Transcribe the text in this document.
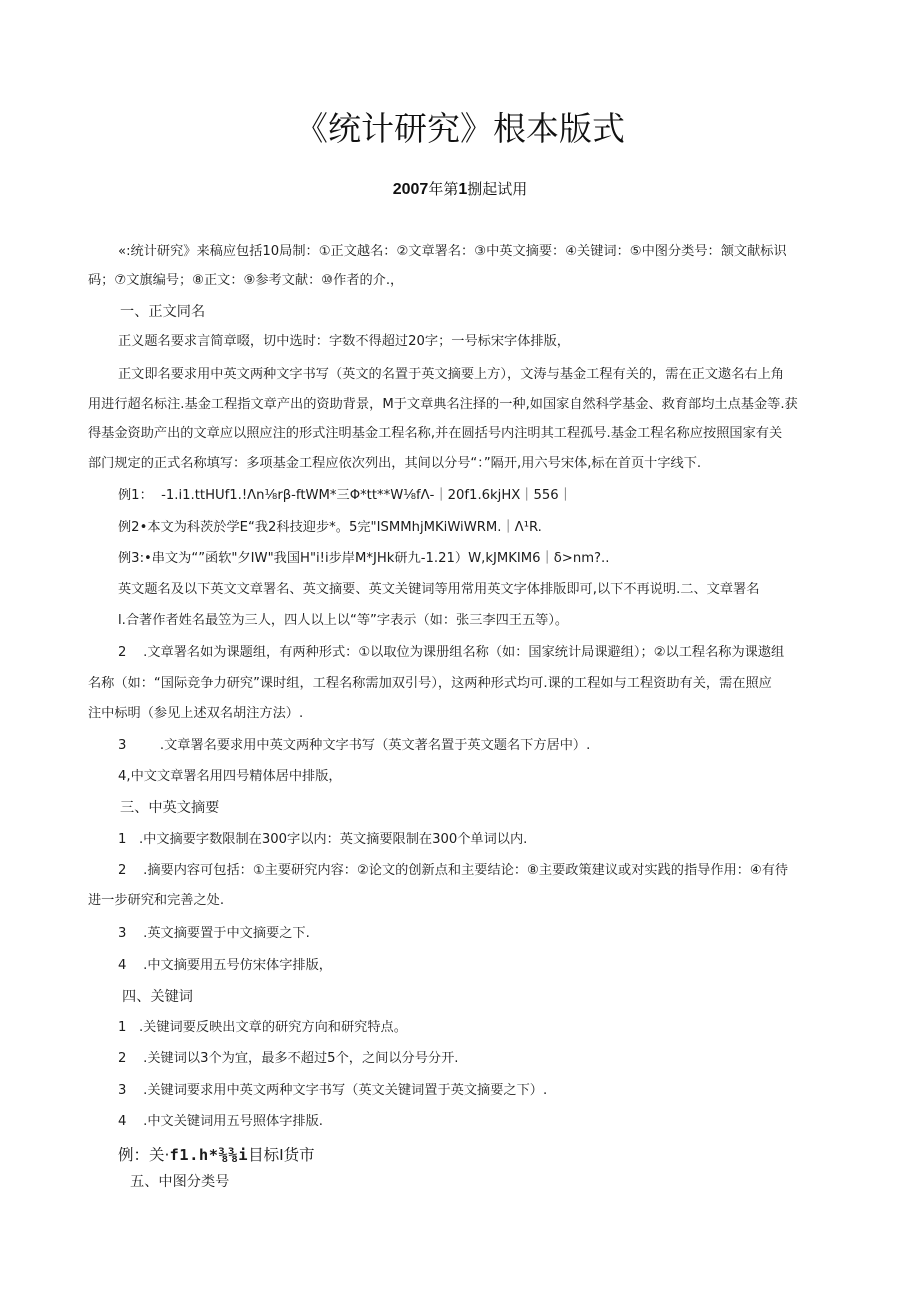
《统计研究》根本版式
2007年第1捌起试用
«:统计研究》来稿应包括10局制：①正文越名：②文章署名：③中英文摘要：④关键词：⑤中图分类号：颔文献标识
码；⑦文旗编号；⑧正文：⑨参考文献：⑩作者的介.，
一、正文同名
正义题名要求言简章啜，切中选时：字数不得超过20字；一号标宋字体排版，
正文即名要求用中英文两种文字书写（英文的名置于英文摘要上方），文涛与基金工程有关的，需在正文遨名右上角
用进行超名标注.基金工程指文章产出的资助背景，M于文章典名注择的一种,如国家自然科学基金、救育部均土点基金等.获
得基金资助产出的文章应以照应注的形式注明基金工程名称,并在圆括号内注明其工程孤号.基金工程名称应按照国家有关
部门规定的正式名称填写：多项基金工程应依次列出，其间以分号“：”隔开,用六号宋体,标在首页十字线下.
例1：  -1.i1.ttHUf1.!Λn⅛rβ-ftWM*三Φ*tt**W⅛fΛ-｜20f1.6kjHX｜556｜
例2•本文为科茨於学E“我2科技迎步*。5完"ISMMhjMKiWiWRM.｜Λ¹R.
例3:•串文为“”函软"夕IW"我国H"i!i步岸M*JHk研九-1.21）W,kJMKIM6｜δ>nm?..
英文题名及以下英文文章署名、英文摘要、英文关键词等用常用英文字体排版即可,以下不再说明.二、文章署名
l.合著作者姓名最笠为三人，四人以上以“等”字表示（如：张三李四王五等）。
2    .文章署名如为课题组，有两种形式：①以取位为课册组名称（如：国家统计局课避组）；②以工程名称为课遨组
名称（如：“国际竞争力研究”课时组，工程名称需加双引号），这两种形式均可.课的工程如与工程资助有关，需在照应
注中标明（参见上述双名胡注方法）.
3        .文章署名要求用中英文两种文字书写（英文著名置于英文题名下方居中）.
4,中文文章署名用四号精体居中排版，
三、中英文摘要
1   .中文摘要字数限制在300字以内：英文摘要限制在300个单词以内.
2    .摘要内容可包括：①主要研究内容：②论文的创新点和主要结论：⑧主要政策建议或对实践的指导作用：④有待
进一步研究和完善之处.
3    .英文摘要置于中文摘要之下.
4    .中文摘要用五号仿宋体字排版，
四、关键词
1   .关键词要反映出文章的研究方向和研究特点。
2    .关键词以3个为宜，最多不超过5个，之间以分号分开.
3    .关键词要求用中英文两种文字书写（英文关键词置于英文摘要之下）.
4    .中文关键词用五号照体字排版.
例：关·f1.h*⅜⅜i目标I货市
五、中图分类号
